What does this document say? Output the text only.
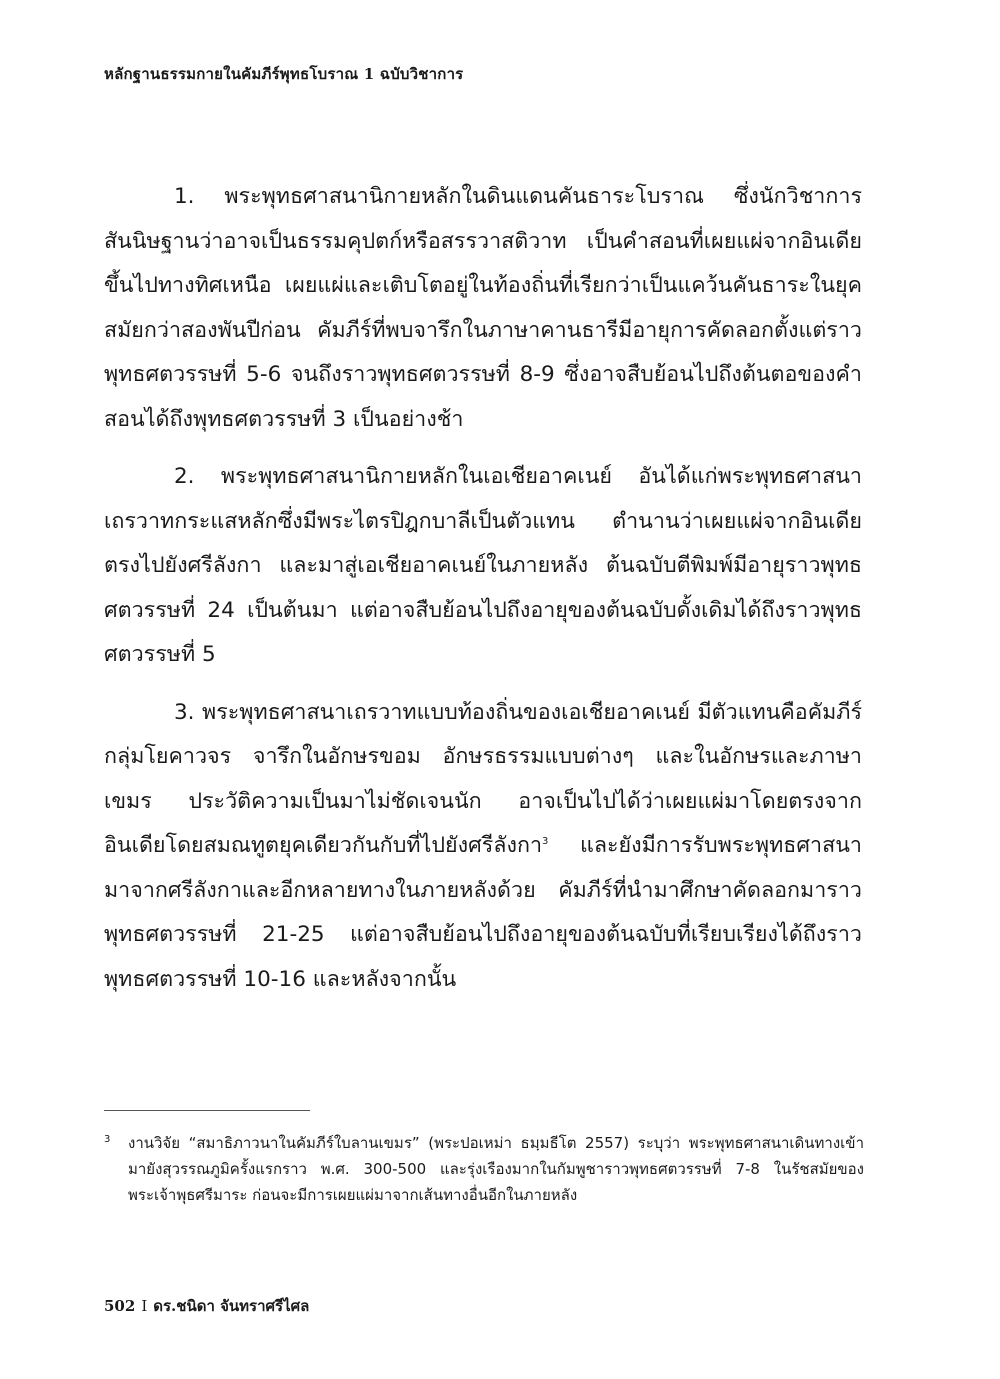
หลักฐานธรรมกายในคัมภีร์พุทธโบราณ 1 ฉบับวิชาการ

1. พระพุทธศาสนานิกายหลักในดินแดนคันธาระโบราณ ซึ่งนักวิชาการสันนิษฐานว่าอาจเป็นธรรมคุปตก์หรือสรรวาสติวาท เป็นคำสอนที่เผยแผ่จากอินเดียขึ้นไปทางทิศเหนือ เผยแผ่และเติบโตอยู่ในท้องถิ่นที่เรียกว่าเป็นแคว้นคันธาระในยุคสมัยกว่าสองพันปีก่อน คัมภีร์ที่พบจารึกในภาษาคานธารีมีอายุการคัดลอกตั้งแต่ราวพุทธศตวรรษที่ 5-6 จนถึงราวพุทธศตวรรษที่ 8-9 ซึ่งอาจสืบย้อนไปถึงต้นตอของคำสอนได้ถึงพุทธศตวรรษที่ 3 เป็นอย่างช้า

2. พระพุทธศาสนานิกายหลักในเอเชียอาคเนย์ อันได้แก่พระพุทธศาสนาเถรวาทกระแสหลักซึ่งมีพระไตรปิฎกบาลีเป็นตัวแทน ตำนานว่าเผยแผ่จากอินเดียตรงไปยังศรีลังกา และมาสู่เอเชียอาคเนย์ในภายหลัง ต้นฉบับตีพิมพ์มีอายุราวพุทธศตวรรษที่ 24 เป็นต้นมา แต่อาจสืบย้อนไปถึงอายุของต้นฉบับดั้งเดิมได้ถึงราวพุทธศตวรรษที่ 5

3. พระพุทธศาสนาเถรวาทแบบท้องถิ่นของเอเชียอาคเนย์ มีตัวแทนคือคัมภีร์กลุ่มโยคาวจร จารึกในอักษรขอม อักษรธรรมแบบต่างๆ และในอักษรและภาษาเขมร ประวัติความเป็นมาไม่ชัดเจนนัก อาจเป็นไปได้ว่าเผยแผ่มาโดยตรงจากอินเดียโดยสมณทูตยุคเดียวกันกับที่ไปยังศรีลังกา$^3$ และยังมีการรับพระพุทธศาสนามาจากศรีลังกาและอีกหลายทางในภายหลังด้วย คัมภีร์ที่นำมาศึกษาคัดลอกมาราวพุทธศตวรรษที่ 21-25 แต่อาจสืบย้อนไปถึงอายุของต้นฉบับที่เรียบเรียงได้ถึงราวพุทธศตวรรษที่ 10-16 และหลังจากนั้น

3 งานวิจัย “สมาธิภาวนาในคัมภีร์ใบลานเขมร” (พระปอเหม่า ธมฺมธีโต 2557) ระบุว่า พระพุทธศาสนาเดินทางเข้ามายังสุวรรณภูมิครั้งแรกราว พ.ศ. 300-500 และรุ่งเรืองมากในกัมพูชาราวพุทธศตวรรษที่ 7-8 ในรัชสมัยของพระเจ้าพุธศรีมาระ ก่อนจะมีการเผยแผ่มาจากเส้นทางอื่นอีกในภายหลัง
502 I ดร.ชนิดา จันทราศรีไศล
